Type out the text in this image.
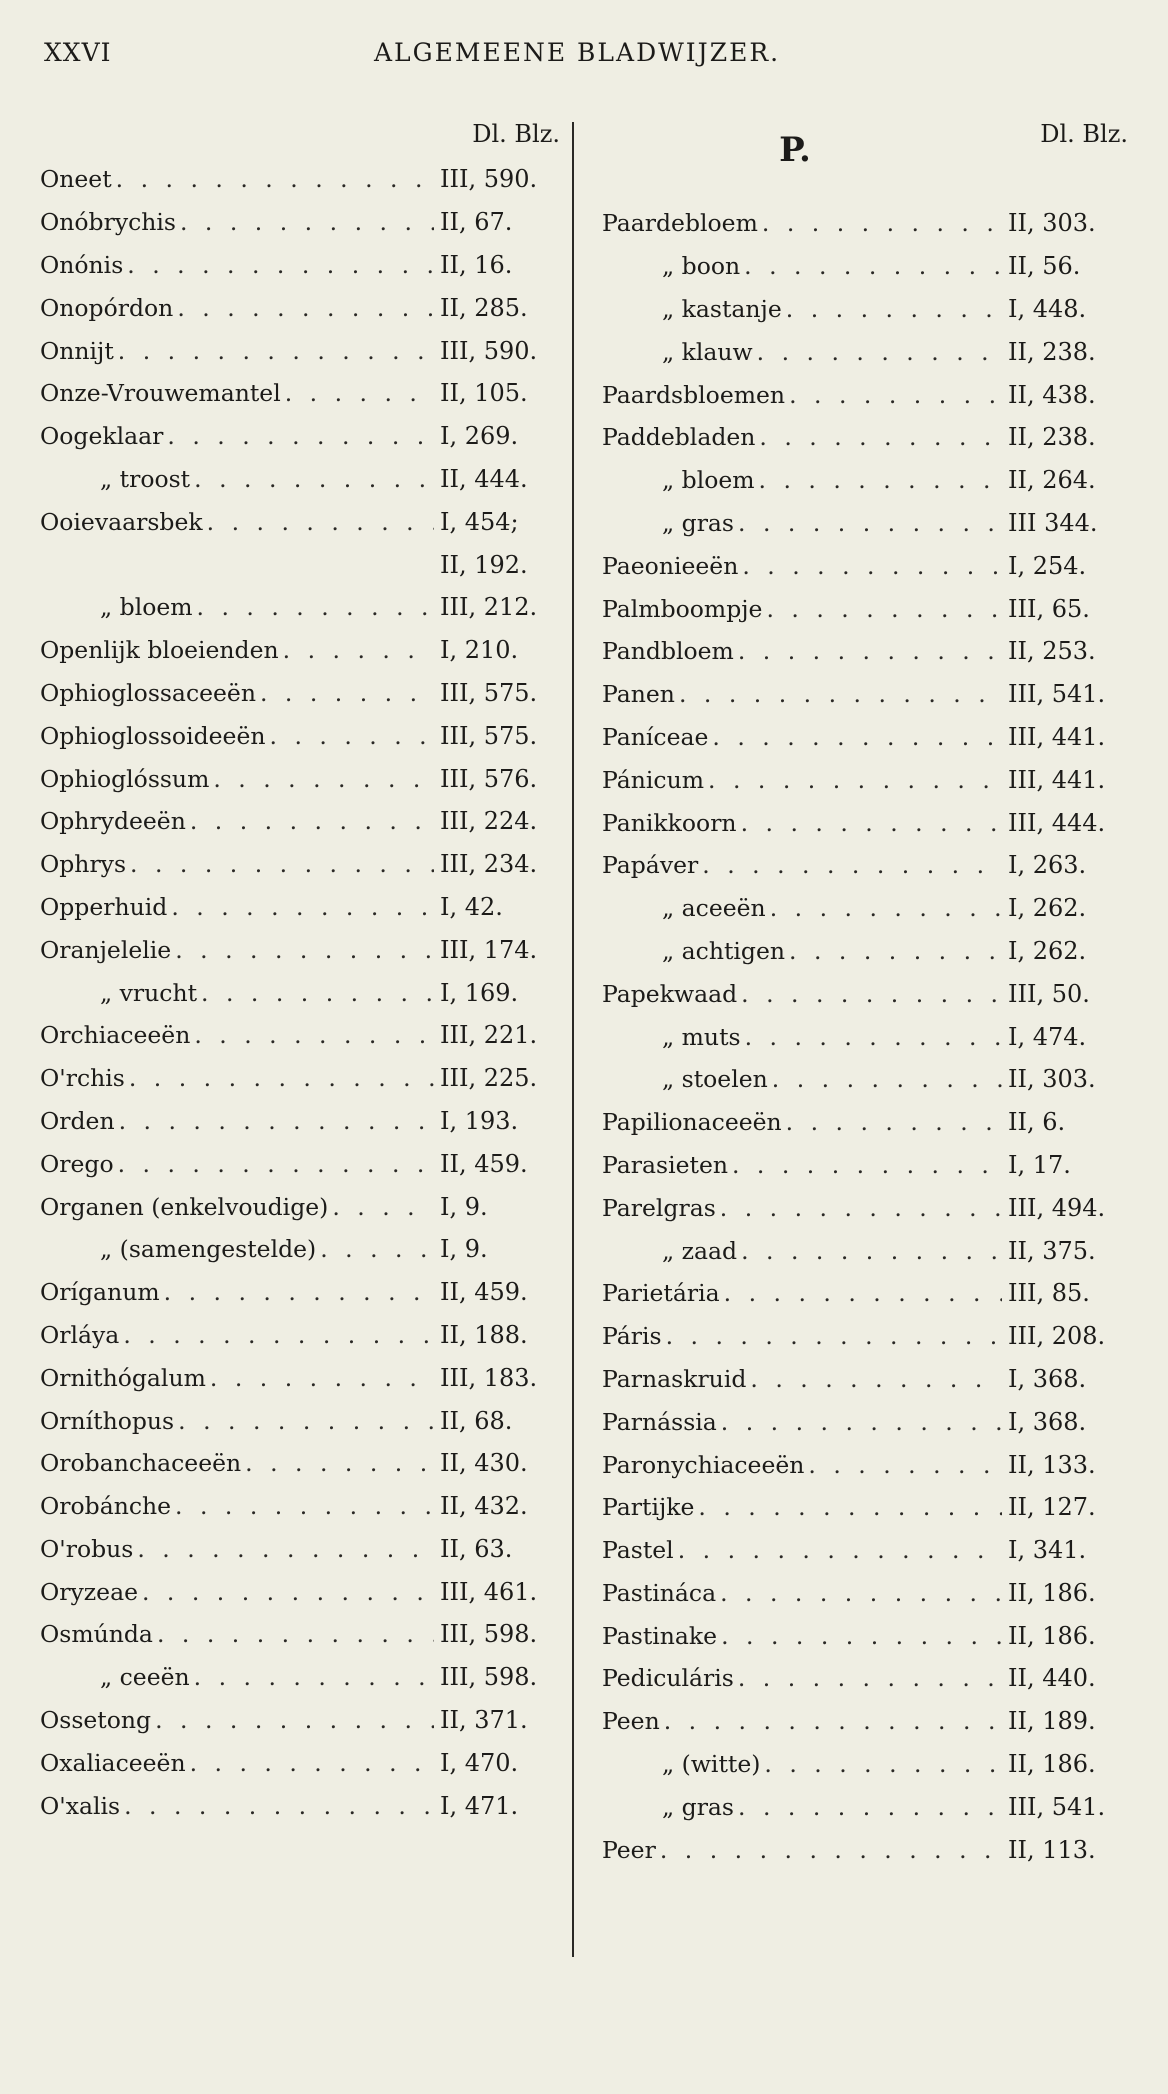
XXVI	ALGEMEENE BLADWIJZER.
Dl. Blz.
Oneet . . .	III, 590.
Onóbrychis . . .	II, 67.
Onónis . . .	II, 16.
Onopórdon . . .	II, 285.
Onnijt . . .	III, 590.
Onze-Vrouwemantel . . .	II, 105.
Oogeklaar . . .	I, 269.
„ troost . . .	II, 444.
Ooievaarsbek . . .	I, 454;
II, 192.
„ bloem . . .	III, 212.
Openlijk bloeienden . . .	I, 210.
Ophioglossaceeën . . .	III, 575.
Ophioglossoideeën . . .	III, 575.
Ophioglóssum . . .	III, 576.
Ophrydeeën . . .	III, 224.
Ophrys . . .	III, 234.
Opperhuid . . .	I, 42.
Oranjelelie . . .	III, 174.
„ vrucht . . .	I, 169.
Orchiaceeën . . .	III, 221.
O'rchis . . .	III, 225.
Orden . . .	I, 193.
Orego . . .	II, 459.
Organen (enkelvoudige) . . .	I, 9.
„ (samengestelde) . . .	I, 9.
Oríganum . . .	II, 459.
Orláya . . .	II, 188.
Ornithógalum . . .	III, 183.
Orníthopus . . .	II, 68.
Orobanchaceeën . . .	II, 430.
Orobánche . . .	II, 432.
O'robus . . .	II, 63.
Oryzeae . . .	III, 461.
Osmúnda . . .	III, 598.
„ ceeën . . .	III, 598.
Ossetong . . .	II, 371.
Oxaliaceeën . . .	I, 470.
O'xalis . . .	I, 471.
Dl. Blz.
P.
Paardebloem . . .	II, 303.
„ boon . . .	II, 56.
„ kastanje . . .	I, 448.
„ klauw . . .	II, 238.
Paardsbloemen . . .	II, 438.
Paddebladen . . .	II, 238.
„ bloem . . .	II, 264.
„ gras . . .	III 344.
Paeonieeën . . .	I, 254.
Palmboompje . . .	III, 65.
Pandbloem . . .	II, 253.
Panen . . .	III, 541.
Paníceae . . .	III, 441.
Pánicum . . .	III, 441.
Panikkoorn . . .	III, 444.
Papáver . . .	I, 263.
„ aceeën . . .	I, 262.
„ achtigen . . .	I, 262.
Papekwaad . . .	III, 50.
„ muts . . .	I, 474.
„ stoelen . . .	II, 303.
Papilionaceeën . . .	II, 6.
Parasieten . . .	I, 17.
Parelgras . . .	III, 494.
„ zaad . . .	II, 375.
Parietária . . .	III, 85.
Páris . . .	III, 208.
Parnaskruid . . .	I, 368.
Parnássia . . .	I, 368.
Paronychiaceeën . . .	II, 133.
Partijke . . .	II, 127.
Pastel . . .	I, 341.
Pastináca . . .	II, 186.
Pastinake . . .	II, 186.
Pediculáris . . .	II, 440.
Peen . . .	II, 189.
„ (witte) . . .	II, 186.
„ gras . . .	III, 541.
Peer . . .	II, 113.
